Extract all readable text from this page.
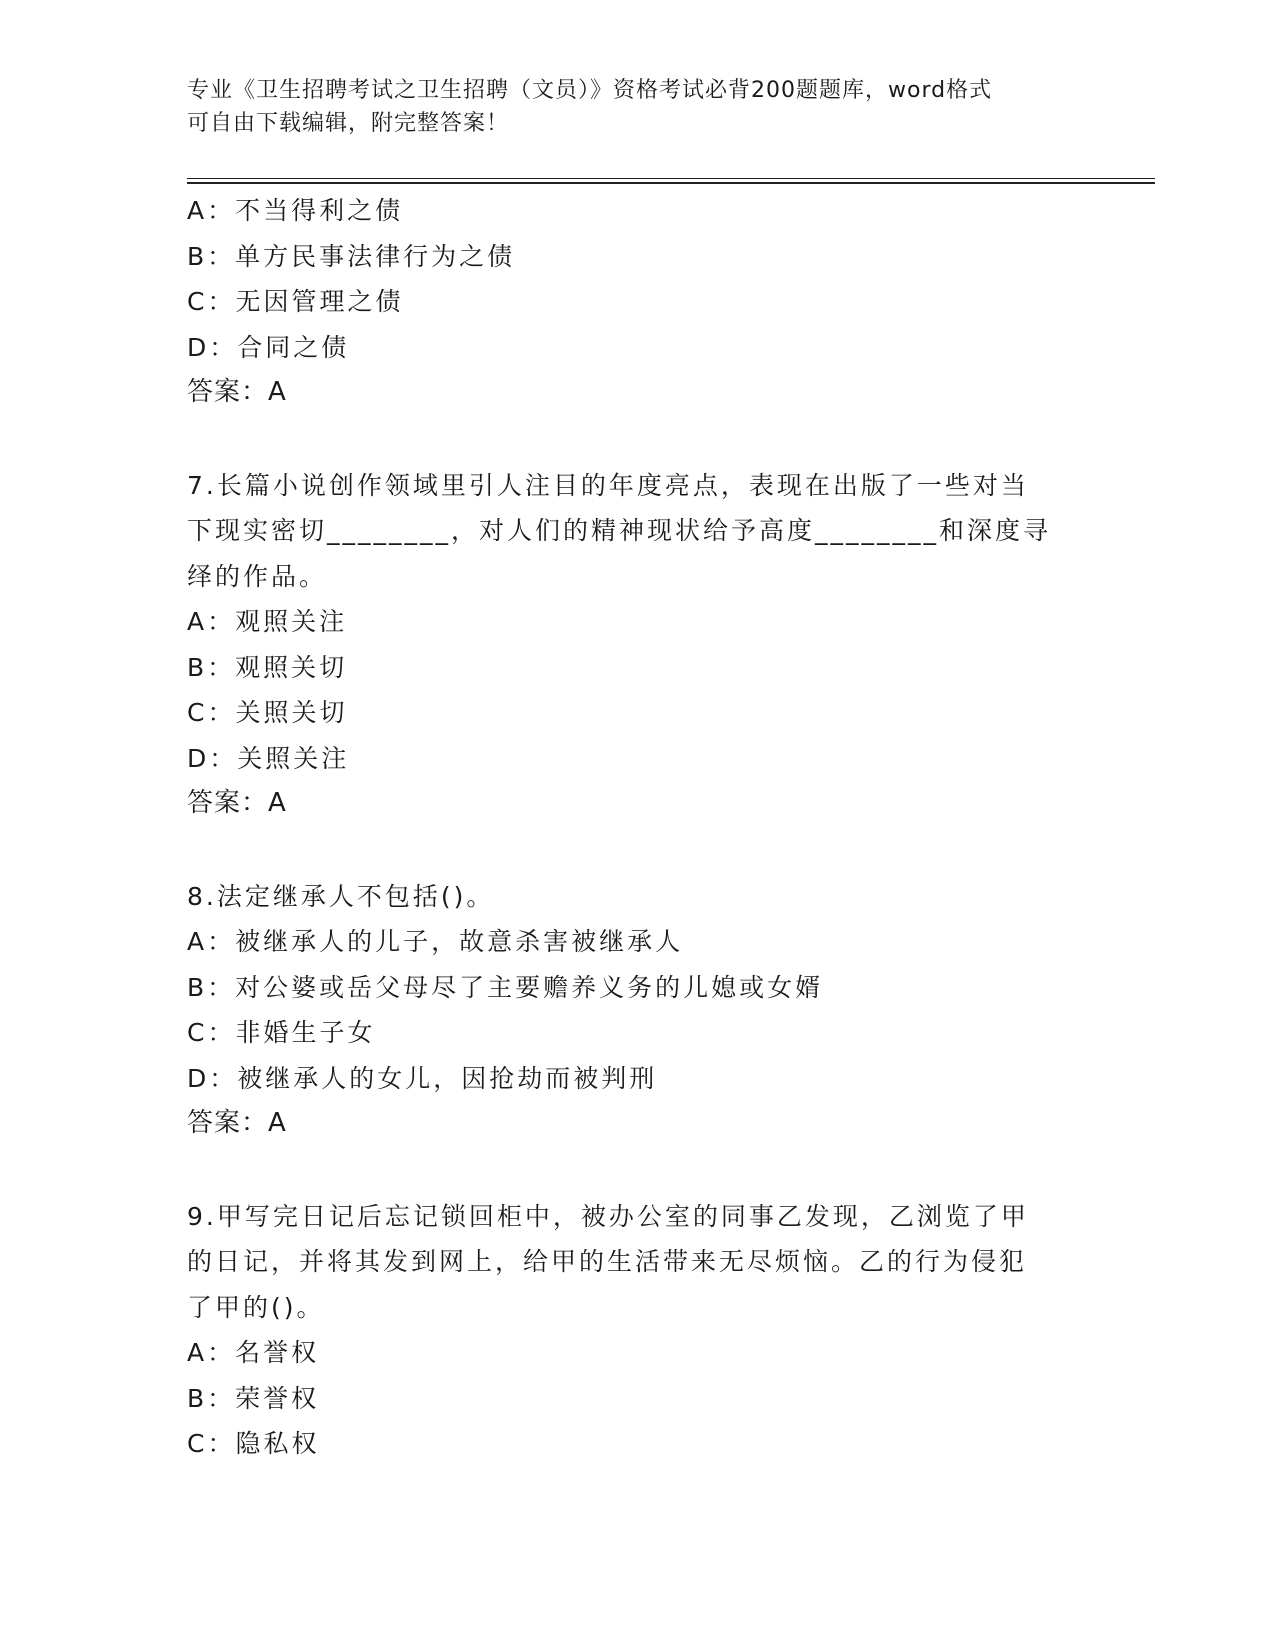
专业《卫生招聘考试之卫生招聘（文员）》资格考试必背200题题库，word格式

可自由下载编辑，附完整答案！

A：不当得利之债

B：单方民事法律行为之债

C：无因管理之债

D：合同之债

答案：A

7.长篇小说创作领域里引人注目的年度亮点，表现在出版了一些对当

下现实密切________，对人们的精神现状给予高度________和深度寻

绎的作品。

A：观照关注

B：观照关切

C：关照关切

D：关照关注

答案：A

8.法定继承人不包括()。

A：被继承人的儿子，故意杀害被继承人

B：对公婆或岳父母尽了主要赡养义务的儿媳或女婿

C：非婚生子女

D：被继承人的女儿，因抢劫而被判刑

答案：A

9.甲写完日记后忘记锁回柜中，被办公室的同事乙发现，乙浏览了甲

的日记，并将其发到网上，给甲的生活带来无尽烦恼。乙的行为侵犯

了甲的()。

A：名誉权

B：荣誉权

C：隐私权
